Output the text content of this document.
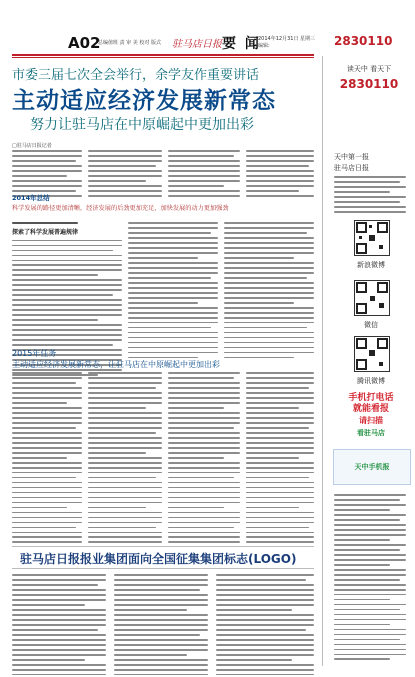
A02
总编值班 责 审 美 校对 版式 驻马店日报 要 闻
2014年12月31日 星期三
编辑:	2830110
市委三届七次全会举行，余学友作重要讲话
主动适应经济发展新常态
努力让驻马店在中原崛起中更加出彩
□驻马店日报记者
2014年总结
科学发展的路径更加清晰，经济发展的后劲更加充足，加快发展的动力更加强劲
探索了科学发展普遍规律
2015年任务
主动适应经济发展新常态，让驻马店在中原崛起中更加出彩
驻马店日报报业集团面向全国征集集团标志(LOGO)
读天中 看天下
2830110
天中第一报
驻马店日报
新浪微博
微信
腾讯微博
手机打电话
就能看报
请扫描
看驻马店
天中手机报
